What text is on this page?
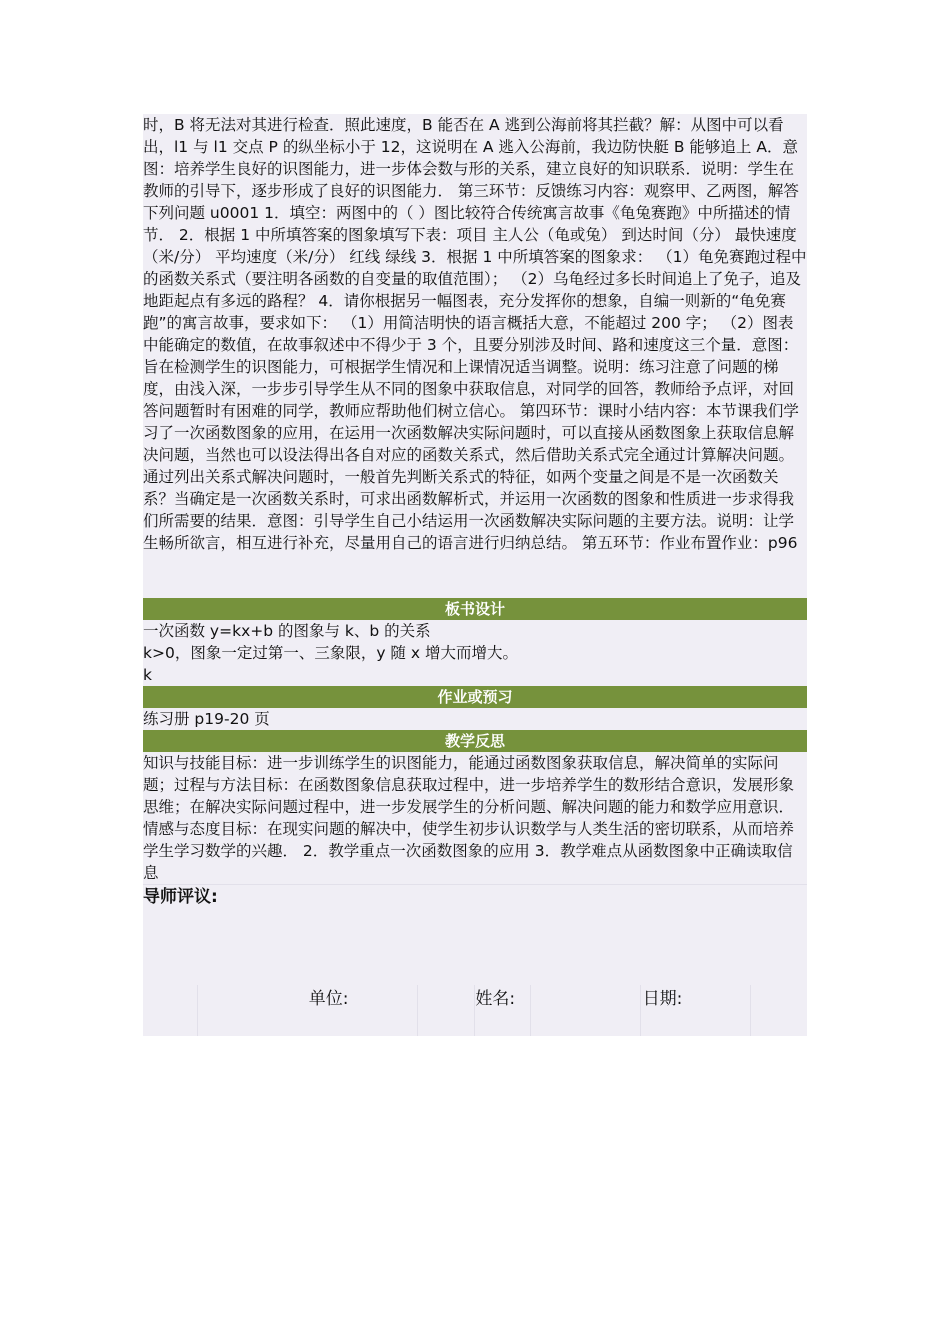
时，B 将无法对其进行检查．照此速度，B 能否在 A 逃到公海前将其拦截？解：从图中可以看出，l1 与 l1 交点 P 的纵坐标小于 12，这说明在 A 逃入公海前，我边防快艇 B 能够追上 A．意图：培养学生良好的识图能力，进一步体会数与形的关系，建立良好的知识联系．说明：学生在教师的引导下，逐步形成了良好的识图能力． 第三环节：反馈练习内容：观察甲、乙两图，解答下列问题 u0001 1．填空：两图中的（ ）图比较符合传统寓言故事《龟兔赛跑》中所描述的情节． 2．根据 1 中所填答案的图象填写下表：项目 主人公（龟或兔） 到达时间（分） 最快速度（米/分） 平均速度（米/分） 红线 绿线 3．根据 1 中所填答案的图象求： （1）龟免赛跑过程中的函数关系式（要注明各函数的自变量的取值范围）； （2）乌龟经过多长时间追上了免子，追及地距起点有多远的路程？ 4．请你根据另一幅图表，充分发挥你的想象，自编一则新的“龟免赛跑”的寓言故事，要求如下： （1）用简洁明快的语言概括大意，不能超过 200 字； （2）图表中能确定的数值，在故事叙述中不得少于 3 个，且要分别涉及时间、路和速度这三个量．意图：旨在检测学生的识图能力，可根据学生情况和上课情况适当调整。说明：练习注意了问题的梯度，由浅入深，一步步引导学生从不同的图象中获取信息，对同学的回答，教师给予点评，对回答问题暂时有困难的同学，教师应帮助他们树立信心。 第四环节：课时小结内容：本节课我们学习了一次函数图象的应用，在运用一次函数解决实际问题时，可以直接从函数图象上获取信息解决问题，当然也可以设法得出各自对应的函数关系式，然后借助关系式完全通过计算解决问题。通过列出关系式解决问题时，一般首先判断关系式的特征，如两个变量之间是不是一次函数关系？当确定是一次函数关系时，可求出函数解析式，并运用一次函数的图象和性质进一步求得我们所需要的结果．意图：引导学生自己小结运用一次函数解决实际问题的主要方法。说明：让学生畅所欲言，相互进行补充，尽量用自己的语言进行归纳总结。 第五环节：作业布置作业：p96
板书设计

一次函数 y=kx+b 的图象与 k、b 的关系

k>0，图象一定过第一、三象限，y 随 x 增大而增大。

k

作业或预习
练习册 p19-20 页
教学反思
知识与技能目标：进一步训练学生的识图能力，能通过函数图象获取信息，解决简单的实际问题；过程与方法目标：在函数图象信息获取过程中，进一步培养学生的数形结合意识，发展形象思维；在解决实际问题过程中，进一步发展学生的分析问题、解决问题的能力和数学应用意识．情感与态度目标：在现实问题的解决中，使学生初步认识数学与人类生活的密切联系，从而培养学生学习数学的兴趣． 2．教学重点一次函数图象的应用 3．教学难点从函数图象中正确读取信息
导师评议:
单位:	姓名:	日期:
